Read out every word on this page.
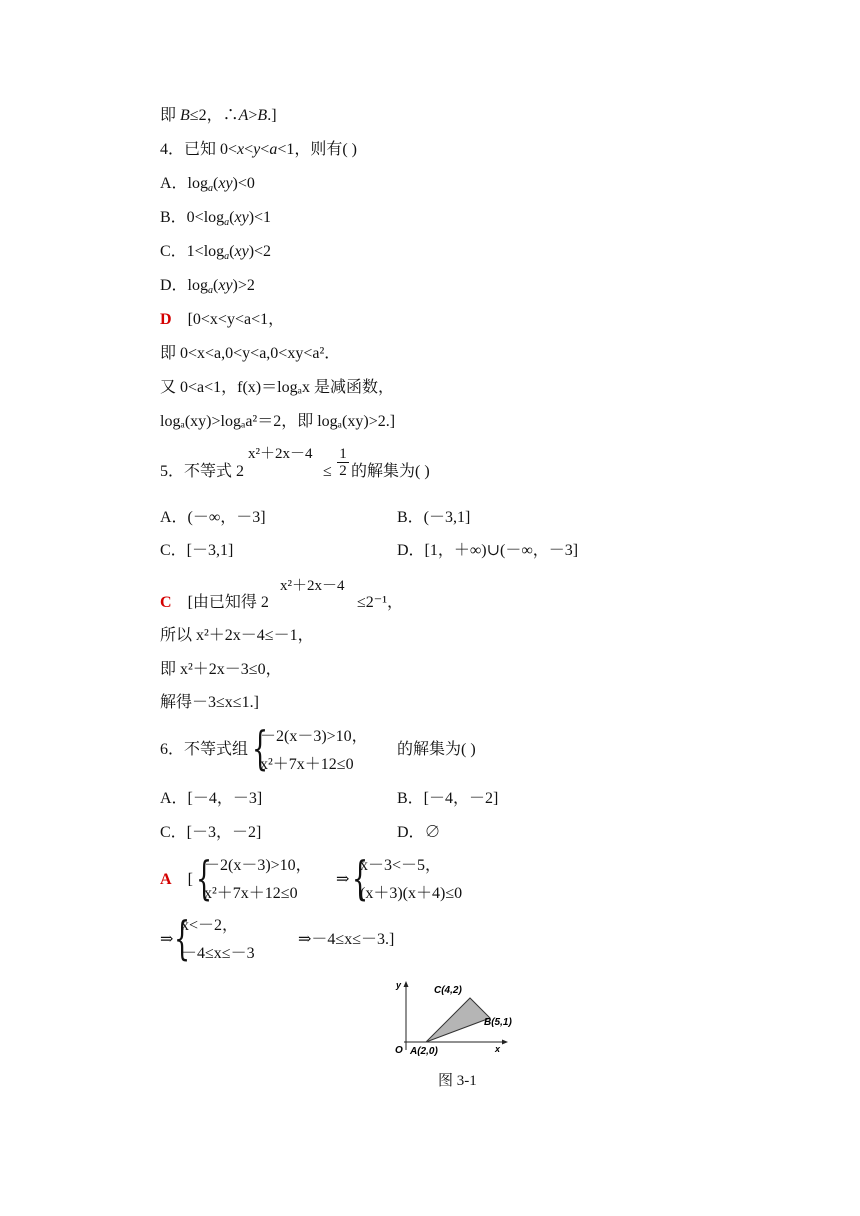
即 B≤2，∴A>B.]
4．已知 0<x<y<a<1，则有( )
A．$\log_a(xy)<0$
B．$0<\log_a(xy)<1$
C．$1<\log_a(xy)<2$
D．$\log_a(xy)>2$
D [0<x<y<a<1，
即 0<x<a,0<y<a,0<xy<a²．
又 0<a<1，f(x)＝logₐx 是减函数，
logₐ(xy)>logₐa²＝2，即 logₐ(xy)>2.]
x²＋2x－4
5．不等式 2	≤ $\frac{1}{2}$ 的解集为( )
A．(－∞，－3]	B．(－3,1]
C．[－3,1]	D．[1，＋∞)∪(－∞，－3]
x²＋2x－4
C [由已知得 2	≤2⁻¹，
所以 x²＋2x－4≤－1，
即 x²＋2x－3≤0，
解得－3≤x≤1.]
6．不等式组 {
－2(x－3)>10，
x²＋7x＋12≤0
的解集为( )
A．[－4，－3]	B．[－4，－2]
C．[－3，－2]	D．∅
A    [ {
－2(x－3)>10，
x²＋7x＋12≤0
⇒ {
x－3<－5，
(x＋3)(x＋4)≤0
⇒ {
x<－2，
－4≤x≤－3
⇒－4≤x≤－3.]
y
x
O A(2,0)
B(5,1)
C(4,2)
图 3-1
